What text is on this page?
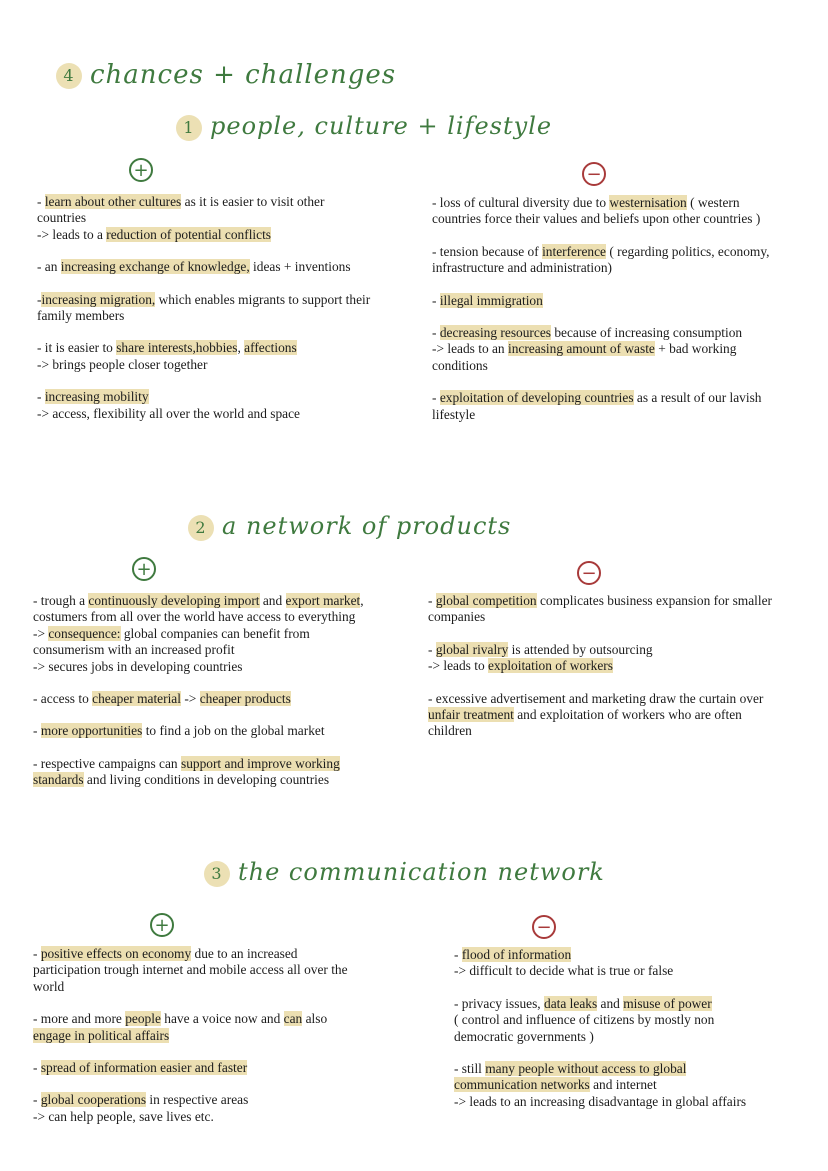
4 chances + challenges
1 people, culture + lifestyle
+	−

- learn about other cultures as it is easier to visit other countries
-> leads to a reduction of potential conflicts

- an increasing exchange of knowledge, ideas + inventions

-increasing migration, which enables migrants to support their family members

- it is easier to share interests,hobbies, affections
-> brings people closer together

- increasing mobility
-> access, flexibility all over the world and space

- loss of cultural diversity due to westernisation ( western countries force their values and beliefs upon other countries )

- tension because of interference ( regarding politics, economy, infrastructure and administration)

- illegal immigration

- decreasing resources because of increasing consumption
-> leads to an increasing amount of waste + bad working conditions

- exploitation of developing countries as a result of our lavish lifestyle

2 a network of products
+	−

- trough a continuously developing import and export market, costumers from all over the world have access to everything
-> consequence: global companies can benefit from consumerism with an increased profit
-> secures jobs in developing countries

- access to cheaper material -> cheaper products

- more opportunities to find a job on the global market

- respective campaigns can support and improve working standards and living conditions in developing countries

- global competition complicates business expansion for smaller companies

- global rivalry is attended by outsourcing
-> leads to exploitation of workers

- excessive advertisement and marketing draw the curtain over unfair treatment and exploitation of workers who are often children

3 the communication network
+	−

- positive effects on economy due to an increased participation trough internet and mobile access all over the world

- more and more people have a voice now and can also engage in political affairs

- spread of information easier and faster

- global cooperations in respective areas
-> can help people, save lives etc.

- flood of information
-> difficult to decide what is true or false

- privacy issues, data leaks and misuse of power
( control and influence of citizens by mostly non democratic governments )

- still many people without access to global communication networks and internet
-> leads to an increasing disadvantage in global affairs
